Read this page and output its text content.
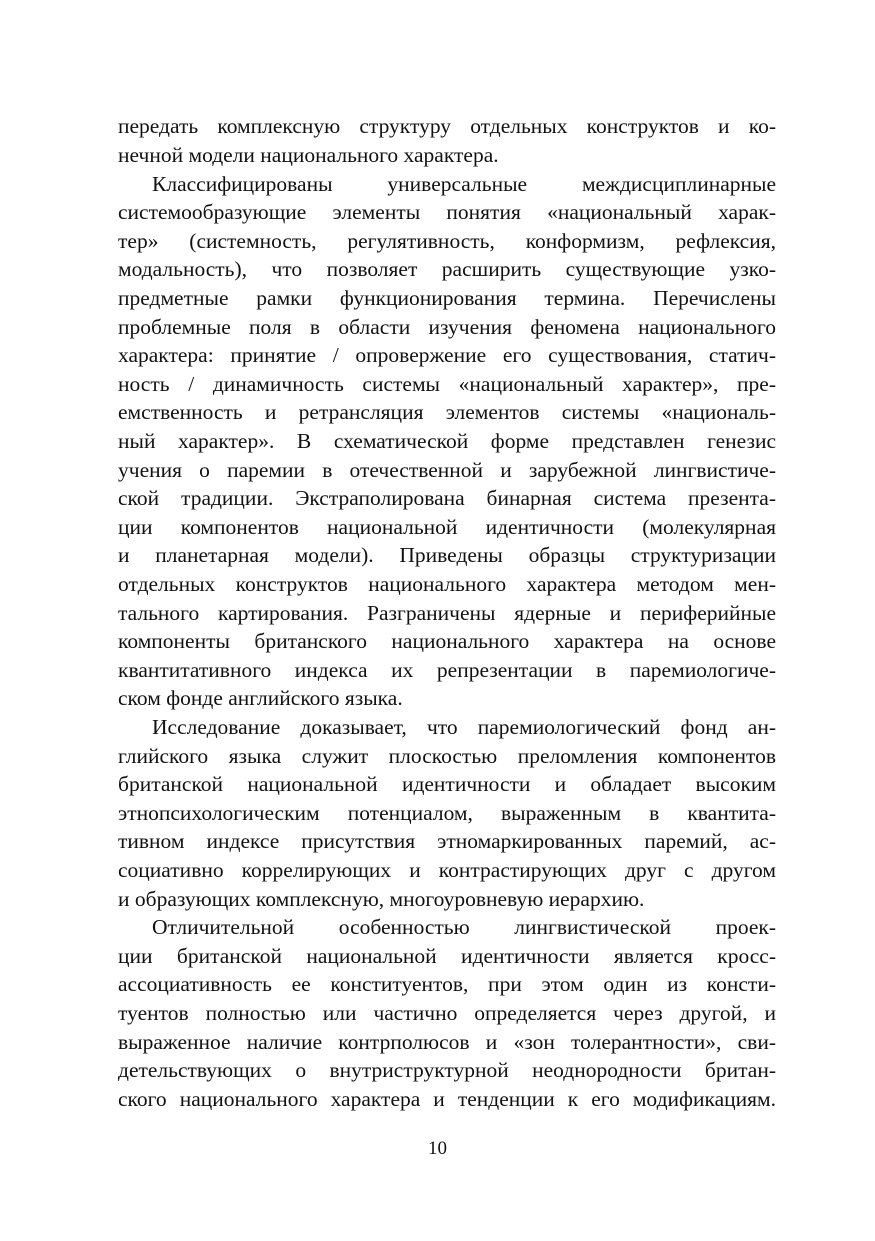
передать комплексную структуру отдельных конструктов и ко-
нечной модели национального характера.
Классифицированы универсальные междисциплинарные
системообразующие элементы понятия «национальный харак-
тер» (системность, регулятивность, конформизм, рефлексия,
модальность), что позволяет расширить существующие узко-
предметные рамки функционирования термина. Перечислены
проблемные поля в области изучения феномена национального
характера: принятие / опровержение его существования, статич-
ность / динамичность системы «национальный характер», пре-
емственность и ретрансляция элементов системы «националь-
ный характер». В схематической форме представлен генезис
учения о паремии в отечественной и зарубежной лингвистиче-
ской традиции. Экстраполирована бинарная система презента-
ции компонентов национальной идентичности (молекулярная
и планетарная модели). Приведены образцы структуризации
отдельных конструктов национального характера методом мен-
тального картирования. Разграничены ядерные и периферийные
компоненты британского национального характера на основе
квантитативного индекса их репрезентации в паремиологиче-
ском фонде английского языка.
Исследование доказывает, что паремиологический фонд ан-
глийского языка служит плоскостью преломления компонентов
британской национальной идентичности и обладает высоким
этнопсихологическим потенциалом, выраженным в квантита-
тивном индексе присутствия этномаркированных паремий, ас-
социативно коррелирующих и контрастирующих друг с другом
и образующих комплексную, многоуровневую иерархию.
Отличительной особенностью лингвистической проек-
ции британской национальной идентичности является кросс-
ассоциативность ее конституентов, при этом один из консти-
туентов полностью или частично определяется через другой, и
выраженное наличие контрполюсов и «зон толерантности», сви-
детельствующих о внутриструктурной неоднородности британ-
ского национального характера и тенденции к его модификациям.
10
